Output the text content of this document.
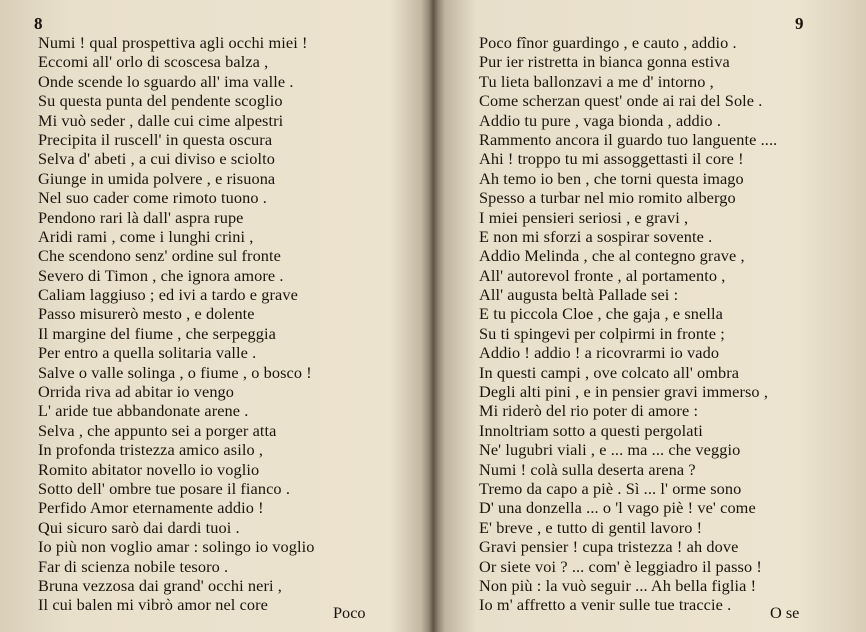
8
Numi ! qual prospettiva agli occhi miei !
Eccomi all' orlo di scoscesa balza ,
Onde scende lo sguardo all' ima valle .
Su questa punta del pendente scoglio
Mi vuò seder , dalle cui cime alpestri
Precipita il ruscell' in questa oscura
Selva d' abeti , a cui diviso e sciolto
Giunge in umida polvere , e risuona
Nel suo cader come rimoto tuono .
Pendono rari là dall' aspra rupe
Aridi rami , come i lunghi crini ,
Che scendono senz' ordine sul fronte
Severo di Timon , che ignora amore .
Caliam laggiuso ; ed ivi a tardo e grave
Passo misurerò mesto , e dolente
Il margine del fiume , che serpeggia
Per entro a quella solitaria valle .
Salve o valle solinga , o fiume , o bosco !
Orrida riva ad abitar io vengo
L' aride tue abbandonate arene .
Selva , che appunto sei a porger atta
In profonda tristezza amico asilo ,
Romito abitator novello io voglio
Sotto dell' ombre tue posare il fianco .
Perfido Amor eternamente addio !
Qui sicuro sarò dai dardi tuoi .
Io più non voglio amar : solingo io voglio
Far di scienza nobile tesoro .
Bruna vezzosa dai grand' occhi neri ,
Il cui balen mi vibrò amor nel core	Poco
9
Poco fînor guardingo , e cauto , addio .
Pur ier ristretta in bianca gonna estiva
Tu lieta ballonzavi a me d' intorno ,
Come scherzan quest' onde ai rai del Sole .
Addio tu pure , vaga bionda , addio .
Rammento ancora il guardo tuo languente ....
Ahi ! troppo tu mi assoggettasti il core !
Ah temo io ben , che torni questa imago
Spesso a turbar nel mio romito albergo
I miei pensieri seriosi , e gravi ,
E non mi sforzi a sospirar sovente .
Addio Melinda , che al contegno grave ,
All' autorevol fronte , al portamento ,
All' augusta beltà Pallade sei :
E tu piccola Cloe , che gaja , e snella
Su ti spingevi per colpirmi in fronte ;
Addio ! addio ! a ricovrarmi io vado
In questi campi , ove colcato all' ombra
Degli alti pini , e in pensier gravi immerso ,
Mi riderò del rio poter di amore :
Innoltriam sotto a questi pergolati
Ne' lugubri viali , e ... ma ... che veggio
Numi ! colà sulla deserta arena ?
Tremo da capo a piè . Sì ... l' orme sono
D' una donzella ... o 'l vago piè ! ve' come
E' breve , e tutto di gentil lavoro !
Gravi pensier ! cupa tristezza ! ah dove
Or siete voi ? ... com' è leggiadro il passo !
Non più : la vuò seguir ... Ah bella figlia !
Io m' affretto a venir sulle tue traccie .	O se
